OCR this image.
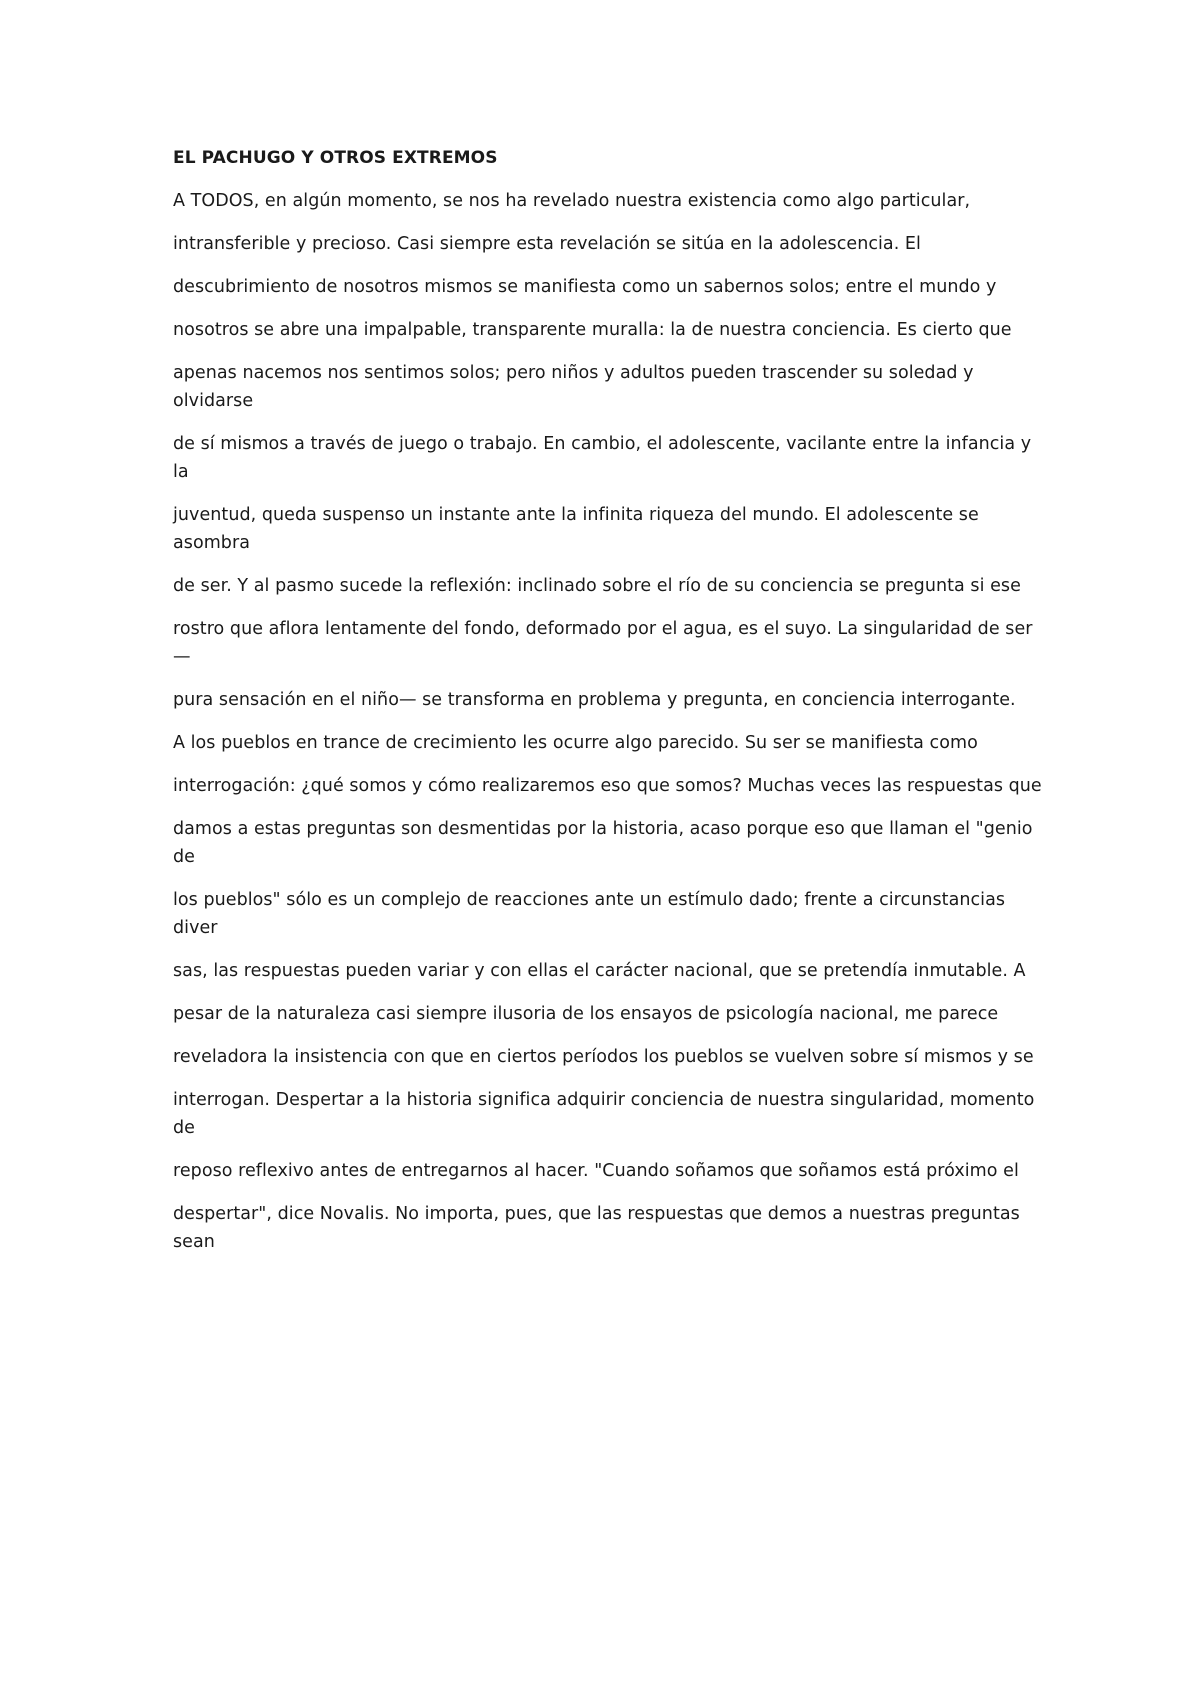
EL PACHUGO Y OTROS EXTREMOS

A TODOS, en algún momento, se nos ha revelado nuestra existencia como algo particular,

intransferible y precioso. Casi siempre esta revelación se sitúa en la adolescencia. El

descubrimiento de nosotros mismos se manifiesta como un sabernos solos; entre el mundo y

nosotros se abre una impalpable, transparente muralla: la de nuestra conciencia. Es cierto que

apenas nacemos nos sentimos solos; pero niños y adultos pueden trascender su soledad y olvidarse

de sí mismos a través de juego o trabajo. En cambio, el adolescente, vacilante entre la infancia y la

juventud, queda suspenso un instante ante la infinita riqueza del mundo. El adolescente se asombra

de ser. Y al pasmo sucede la reflexión: inclinado sobre el río de su conciencia se pregunta si ese

rostro que aflora lentamente del fondo, deformado por el agua, es el suyo. La singularidad de ser —

pura sensación en el niño— se transforma en problema y pregunta, en conciencia interrogante.

A los pueblos en trance de crecimiento les ocurre algo parecido. Su ser se manifiesta como

interrogación: ¿qué somos y cómo realizaremos eso que somos? Muchas veces las respuestas que

damos a estas preguntas son desmentidas por la historia, acaso porque eso que llaman el "genio de

los pueblos" sólo es un complejo de reacciones ante un estímulo dado; frente a circunstancias diver

sas, las respuestas pueden variar y con ellas el carácter nacional, que se pretendía inmutable. A

pesar de la naturaleza casi siempre ilusoria de los ensayos de psicología nacional, me parece

reveladora la insistencia con que en ciertos períodos los pueblos se vuelven sobre sí mismos y se

interrogan. Despertar a la historia significa adquirir conciencia de nuestra singularidad, momento de

reposo reflexivo antes de entregarnos al hacer. "Cuando soñamos que soñamos está próximo el

despertar", dice Novalis. No importa, pues, que las respuestas que demos a nuestras preguntas sean
